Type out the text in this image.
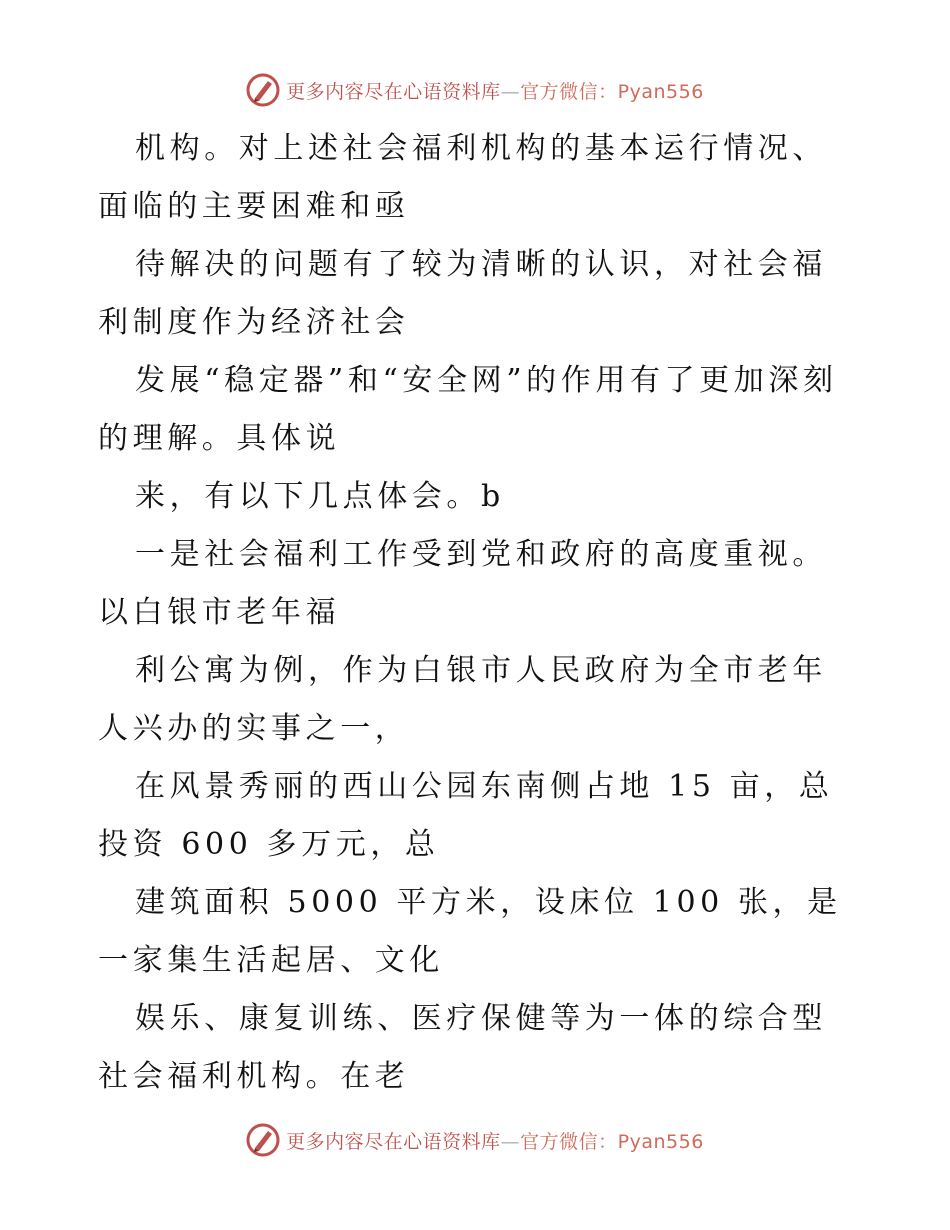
更多内容尽在心语资料库—官方微信：Pyan556

机构。对上述社会福利机构的基本运行情况、面临的主要困难和亟

待解决的问题有了较为清晰的认识，对社会福利制度作为经济社会

发展“稳定器”和“安全网”的作用有了更加深刻的理解。具体说

来，有以下几点体会。b

一是社会福利工作受到党和政府的高度重视。以白银市老年福

利公寓为例，作为白银市人民政府为全市老年人兴办的实事之一，

在风景秀丽的西山公园东南侧占地 15 亩，总投资 600 多万元，总

建筑面积 5000 平方米，设床位 100 张，是一家集生活起居、文化

娱乐、康复训练、医疗保健等为一体的综合型社会福利机构。在老

更多内容尽在心语资料库—官方微信：Pyan556
